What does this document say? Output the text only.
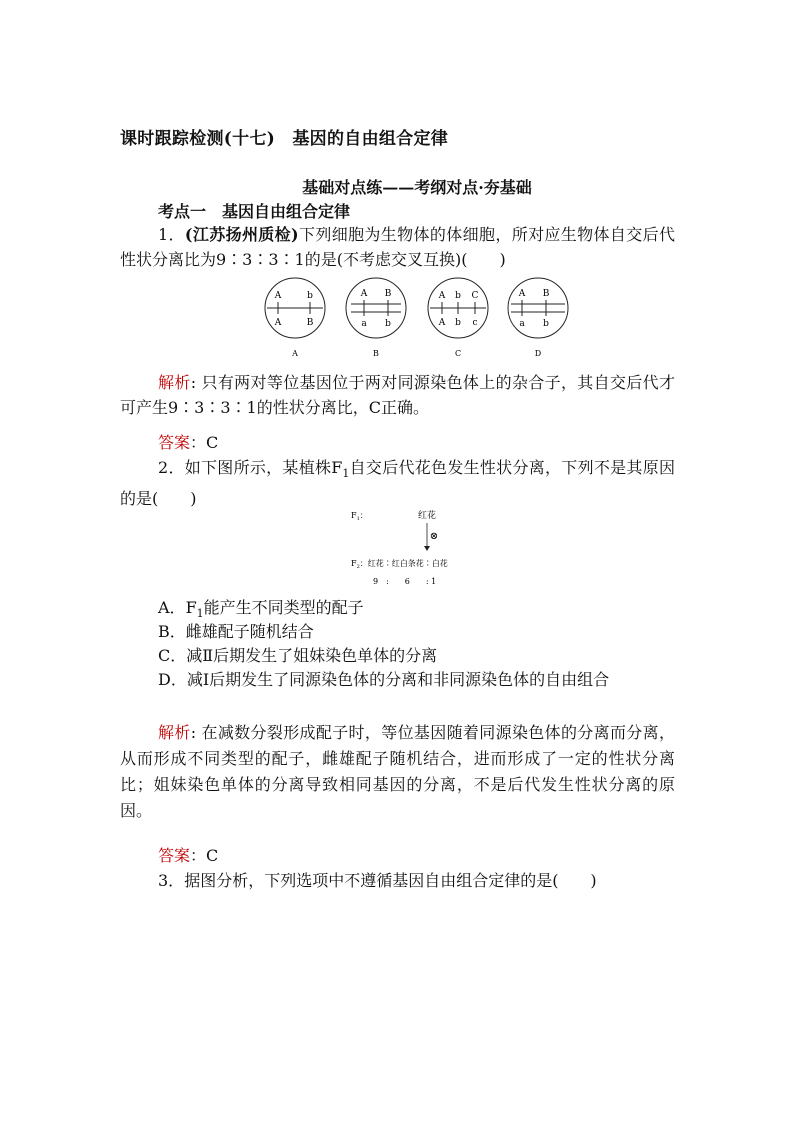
课时跟踪检测(十七)　基因的自由组合定律
基础对点练——考纲对点·夯基础
考点一　基因自由组合定律
1．(江苏扬州质检)下列细胞为生物体的体细胞，所对应生物体自交后代性状分离比为9∶3∶3∶1的是(不考虑交叉互换)(　　)
A	b
A	B
A
A B
a b
B
A b C
A b c
C
A B
a b
D
解析: 只有两对等位基因位于两对同源染色体上的杂合子，其自交后代才可产生9∶3∶3∶1的性状分离比，C正确。
答案：C
2．如下图所示，某植株$F_1$自交后代花色发生性状分离，下列不是其原因的是(　　)
$F_1$：	红花
⊗
$F_2$：红花∶红白条花∶白花
9　:　　6　　: 1
A．$F_1$能产生不同类型的配子
B．雌雄配子随机结合
C．减Ⅱ后期发生了姐妹染色单体的分离
D．减Ⅰ后期发生了同源染色体的分离和非同源染色体的自由组合
解析: 在减数分裂形成配子时，等位基因随着同源染色体的分离而分离，从而形成不同类型的配子，雌雄配子随机结合，进而形成了一定的性状分离比；姐妹染色单体的分离导致相同基因的分离，不是后代发生性状分离的原因。
答案：C
3．据图分析，下列选项中不遵循基因自由组合定律的是(　　)
